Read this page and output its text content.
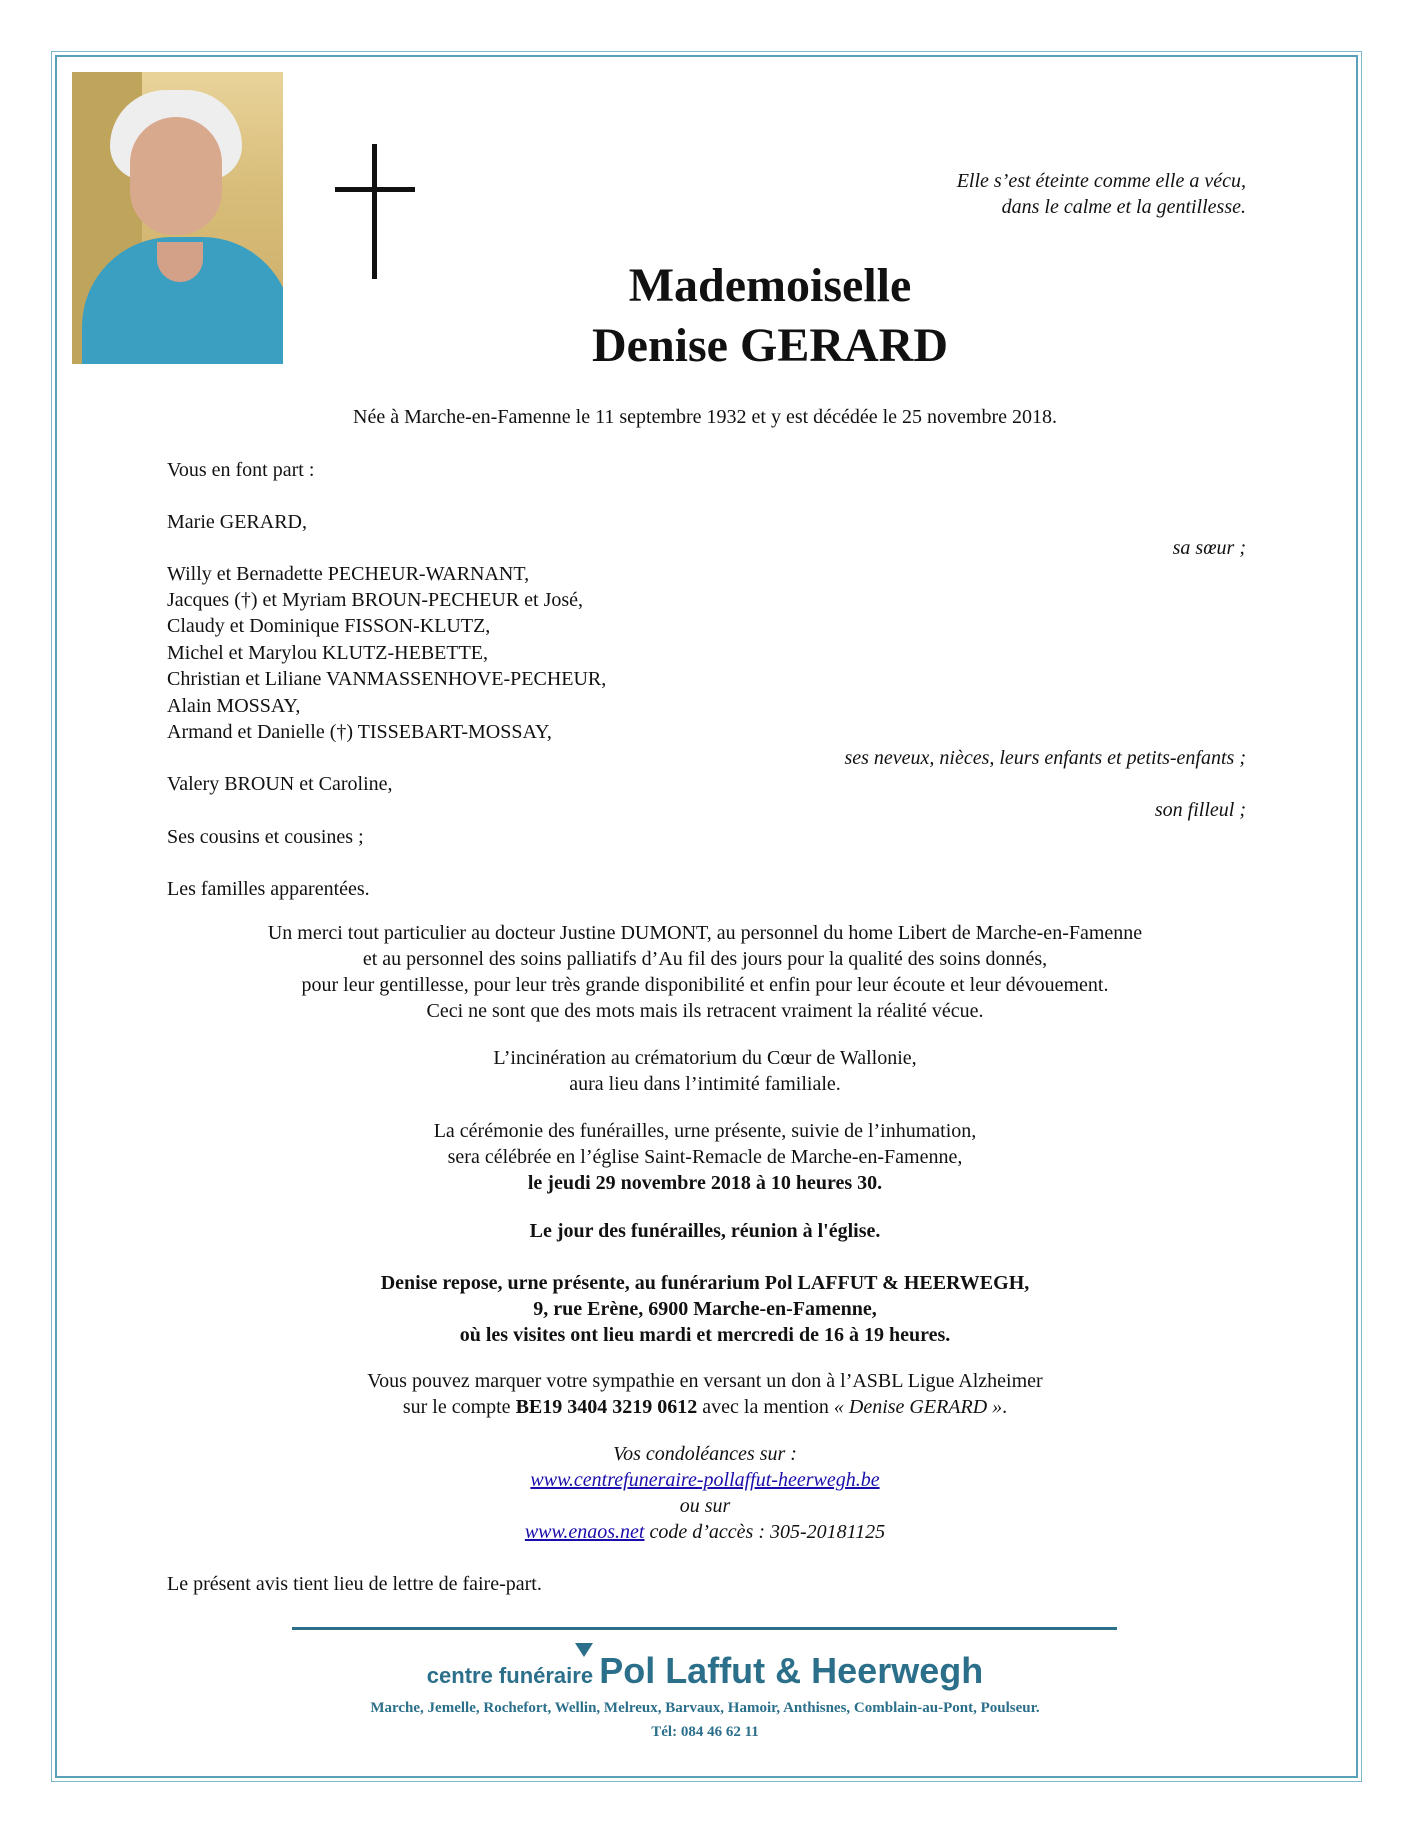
Elle s’est éteinte comme elle a vécu,
dans le calme et la gentillesse.
Mademoiselle
Denise GERARD
Née à Marche-en-Famenne le 11 septembre 1932 et y est décédée le 25 novembre 2018.
Vous en font part :
Marie GERARD,
sa sœur ;
Willy et Bernadette PECHEUR-WARNANT,
Jacques (†) et Myriam BROUN-PECHEUR et José,
Claudy et Dominique FISSON-KLUTZ,
Michel et Marylou KLUTZ-HEBETTE,
Christian et Liliane VANMASSENHOVE-PECHEUR,
Alain MOSSAY,
Armand et Danielle (†) TISSEBART-MOSSAY,
ses neveux, nièces, leurs enfants et petits-enfants ;
Valery BROUN et Caroline,
son filleul ;
Ses cousins et cousines ;
Les familles apparentées.
Un merci tout particulier au docteur Justine DUMONT, au personnel du home Libert de Marche-en-Famenne
et au personnel des soins palliatifs d’Au fil des jours pour la qualité des soins donnés,
pour leur gentillesse, pour leur très grande disponibilité et enfin pour leur écoute et leur dévouement.
Ceci ne sont que des mots mais ils retracent vraiment la réalité vécue.
L’incinération au crématorium du Cœur de Wallonie,
aura lieu dans l’intimité familiale.
La cérémonie des funérailles, urne présente, suivie de l’inhumation,
sera célébrée en l’église Saint-Remacle de Marche-en-Famenne,
le jeudi 29 novembre 2018 à 10 heures 30.
Le jour des funérailles, réunion à l'église.
Denise repose, urne présente, au funérarium Pol LAFFUT & HEERWEGH,
9, rue Erène, 6900 Marche-en-Famenne,
où les visites ont lieu mardi et mercredi de 16 à 19 heures.
Vous pouvez marquer votre sympathie en versant un don à l’ASBL Ligue Alzheimer
sur le compte BE19 3404 3219 0612 avec la mention « Denise GERARD ».
Vos condoléances sur :
www.centrefuneraire-pollaffut-heerwegh.be
ou sur
www.enaos.net code d’accès : 305-20181125
Le présent avis tient lieu de lettre de faire-part.
centre funéraire Pol Laffut & Heerwegh
Marche, Jemelle, Rochefort, Wellin, Melreux, Barvaux, Hamoir, Anthisnes, Comblain-au-Pont, Poulseur.
Tél: 084 46 62 11
